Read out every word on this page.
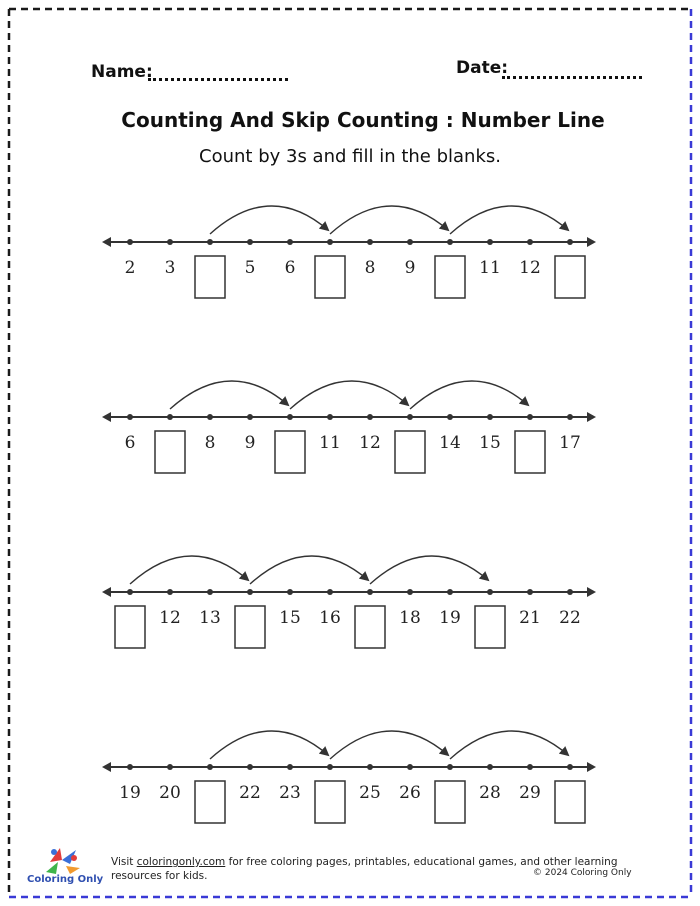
Name:	Date:
Counting And Skip Counting : Number Line
Count by 3s and fill in the blanks.
2 3	5 6	8 9	11 12
6	8 9	11 12	14 15	17
12 13	15 16	18 19	21 22
19 20	22 23	25 26	28 29
Coloring Only
Visit coloringonly.com for free coloring pages, printables, educational games, and other learning resources for kids.	© 2024 Coloring Only
